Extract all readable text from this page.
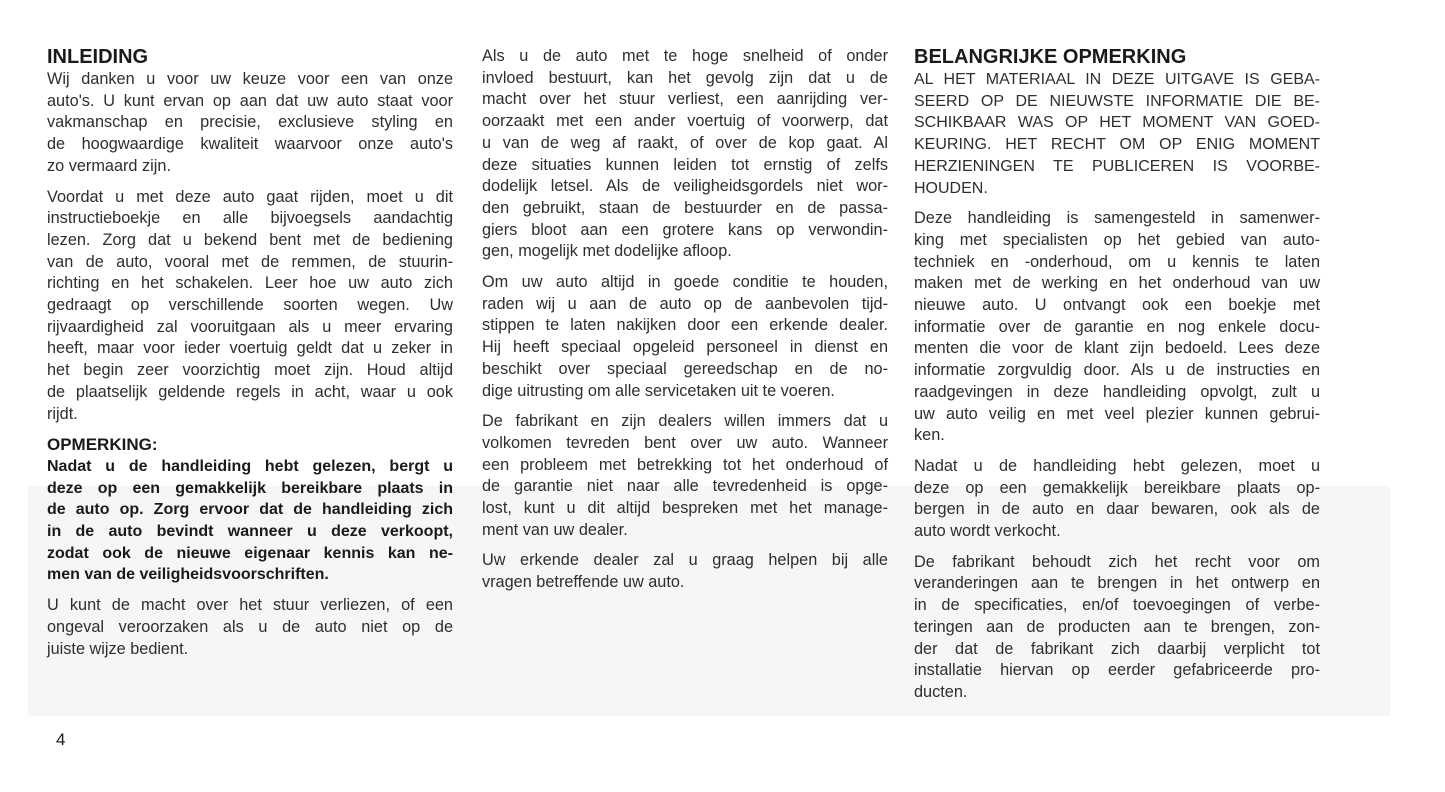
INLEIDING
Wij danken u voor uw keuze voor een van onze
auto's. U kunt ervan op aan dat uw auto staat voor
vakmanschap en precisie, exclusieve styling en
de hoogwaardige kwaliteit waarvoor onze auto's
zo vermaard zijn.
Voordat u met deze auto gaat rijden, moet u dit
instructieboekje en alle bijvoegsels aandachtig
lezen. Zorg dat u bekend bent met de bediening
van de auto, vooral met de remmen, de stuurin-
richting en het schakelen. Leer hoe uw auto zich
gedraagt op verschillende soorten wegen. Uw
rijvaardigheid zal vooruitgaan als u meer ervaring
heeft, maar voor ieder voertuig geldt dat u zeker in
het begin zeer voorzichtig moet zijn. Houd altijd
de plaatselijk geldende regels in acht, waar u ook
rijdt.
OPMERKING:
Nadat u de handleiding hebt gelezen, bergt u
deze op een gemakkelijk bereikbare plaats in
de auto op. Zorg ervoor dat de handleiding zich
in de auto bevindt wanneer u deze verkoopt,
zodat ook de nieuwe eigenaar kennis kan ne-
men van de veiligheidsvoorschriften.
U kunt de macht over het stuur verliezen, of een
ongeval veroorzaken als u de auto niet op de
juiste wijze bedient.
Als u de auto met te hoge snelheid of onder
invloed bestuurt, kan het gevolg zijn dat u de
macht over het stuur verliest, een aanrijding ver-
oorzaakt met een ander voertuig of voorwerp, dat
u van de weg af raakt, of over de kop gaat. Al
deze situaties kunnen leiden tot ernstig of zelfs
dodelijk letsel. Als de veiligheidsgordels niet wor-
den gebruikt, staan de bestuurder en de passa-
giers bloot aan een grotere kans op verwondin-
gen, mogelijk met dodelijke afloop.
Om uw auto altijd in goede conditie te houden,
raden wij u aan de auto op de aanbevolen tijd-
stippen te laten nakijken door een erkende dealer.
Hij heeft speciaal opgeleid personeel in dienst en
beschikt over speciaal gereedschap en de no-
dige uitrusting om alle servicetaken uit te voeren.
De fabrikant en zijn dealers willen immers dat u
volkomen tevreden bent over uw auto. Wanneer
een probleem met betrekking tot het onderhoud of
de garantie niet naar alle tevredenheid is opge-
lost, kunt u dit altijd bespreken met het manage-
ment van uw dealer.
Uw erkende dealer zal u graag helpen bij alle
vragen betreffende uw auto.
BELANGRIJKE OPMERKING
AL HET MATERIAAL IN DEZE UITGAVE IS GEBA-
SEERD OP DE NIEUWSTE INFORMATIE DIE BE-
SCHIKBAAR WAS OP HET MOMENT VAN GOED-
KEURING. HET RECHT OM OP ENIG MOMENT
HERZIENINGEN TE PUBLICEREN IS VOORBE-
HOUDEN.
Deze handleiding is samengesteld in samenwer-
king met specialisten op het gebied van auto-
techniek en -onderhoud, om u kennis te laten
maken met de werking en het onderhoud van uw
nieuwe auto. U ontvangt ook een boekje met
informatie over de garantie en nog enkele docu-
menten die voor de klant zijn bedoeld. Lees deze
informatie zorgvuldig door. Als u de instructies en
raadgevingen in deze handleiding opvolgt, zult u
uw auto veilig en met veel plezier kunnen gebrui-
ken.
Nadat u de handleiding hebt gelezen, moet u
deze op een gemakkelijk bereikbare plaats op-
bergen in de auto en daar bewaren, ook als de
auto wordt verkocht.
De fabrikant behoudt zich het recht voor om
veranderingen aan te brengen in het ontwerp en
in de specificaties, en/of toevoegingen of verbe-
teringen aan de producten aan te brengen, zon-
der dat de fabrikant zich daarbij verplicht tot
installatie hiervan op eerder gefabriceerde pro-
ducten.
4
